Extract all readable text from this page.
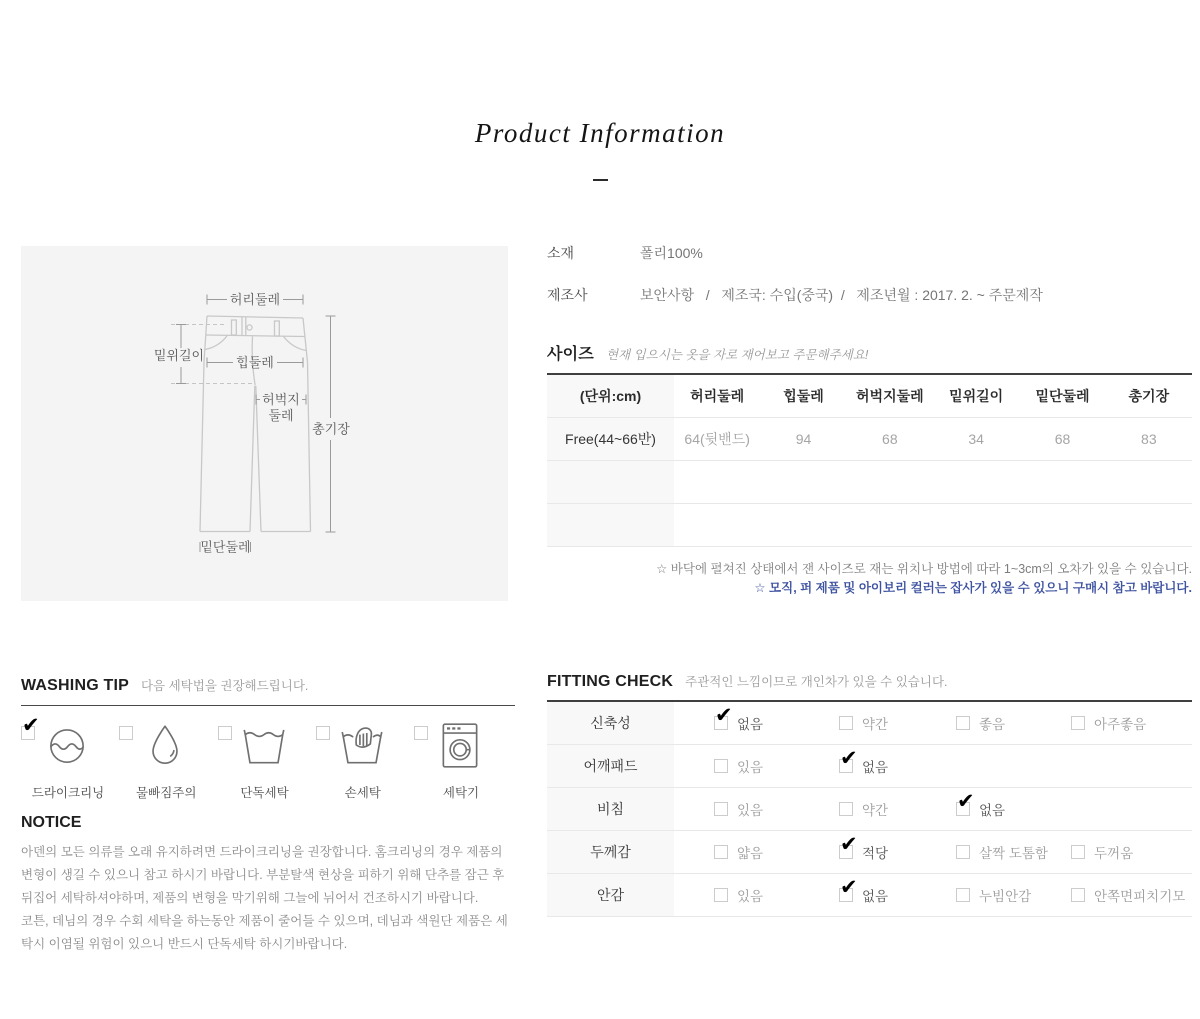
Product Information
허리둘레
힙둘레
허벅지
둘레
밑위길이
총기장
밑단둘레
소재	폴리100%
제조사	보안사항   /   제조국: 수입(중국)  /   제조년월 : 2017. 2. ~ 주문제작
사이즈 현재 입으시는 옷을 자로 재어보고 주문해주세요!
(단위:cm)	허리둘레	힙둘레	허벅지둘레	밑위길이	밑단둘레	총기장
Free(44~66반)	64(뒷밴드)	94	68	34	68	83
☆ 바닥에 펼쳐진 상태에서 잰 사이즈로 재는 위치나 방법에 따라 1~3cm의 오차가 있을 수 있습니다.
☆ 모직, 퍼 제품 및 아이보리 컬러는 잡사가 있을 수 있으니 구매시 참고 바랍니다.
WASHING TIP 다음 세탁법을 권장해드립니다.
✔
드라이크리닝	물빠짐주의	단독세탁	손세탁	세탁기
NOTICE

아덴의 모든 의류를 오래 유지하려면 드라이크리닝을 권장합니다. 홈크리닝의 경우 제품의 변형이 생길 수 있으니 참고 하시기 바랍니다. 부분탈색 현상을 피하기 위해 단추를 잠근 후 뒤집어 세탁하셔야하며, 제품의 변형을 막기위해 그늘에 뉘어서 건조하시기 바랍니다.

코튼, 데님의 경우 수회 세탁을 하는동안 제품이 줄어들 수 있으며, 데님과 색원단 제품은 세탁시 이염될 위험이 있으니 반드시 단독세탁 하시기바랍니다.

FITTING CHECK 주관적인 느낌이므로 개인차가 있을 수 있습니다.
신축성	✔ 없음	약간	좋음	아주좋음
어깨패드	있음	✔ 없음
비침	있음	약간	✔ 없음
두께감	얇음	✔ 적당	살짝 도톰함	두꺼움
안감	있음	✔ 없음	누빔안감	안쪽면피치기모
